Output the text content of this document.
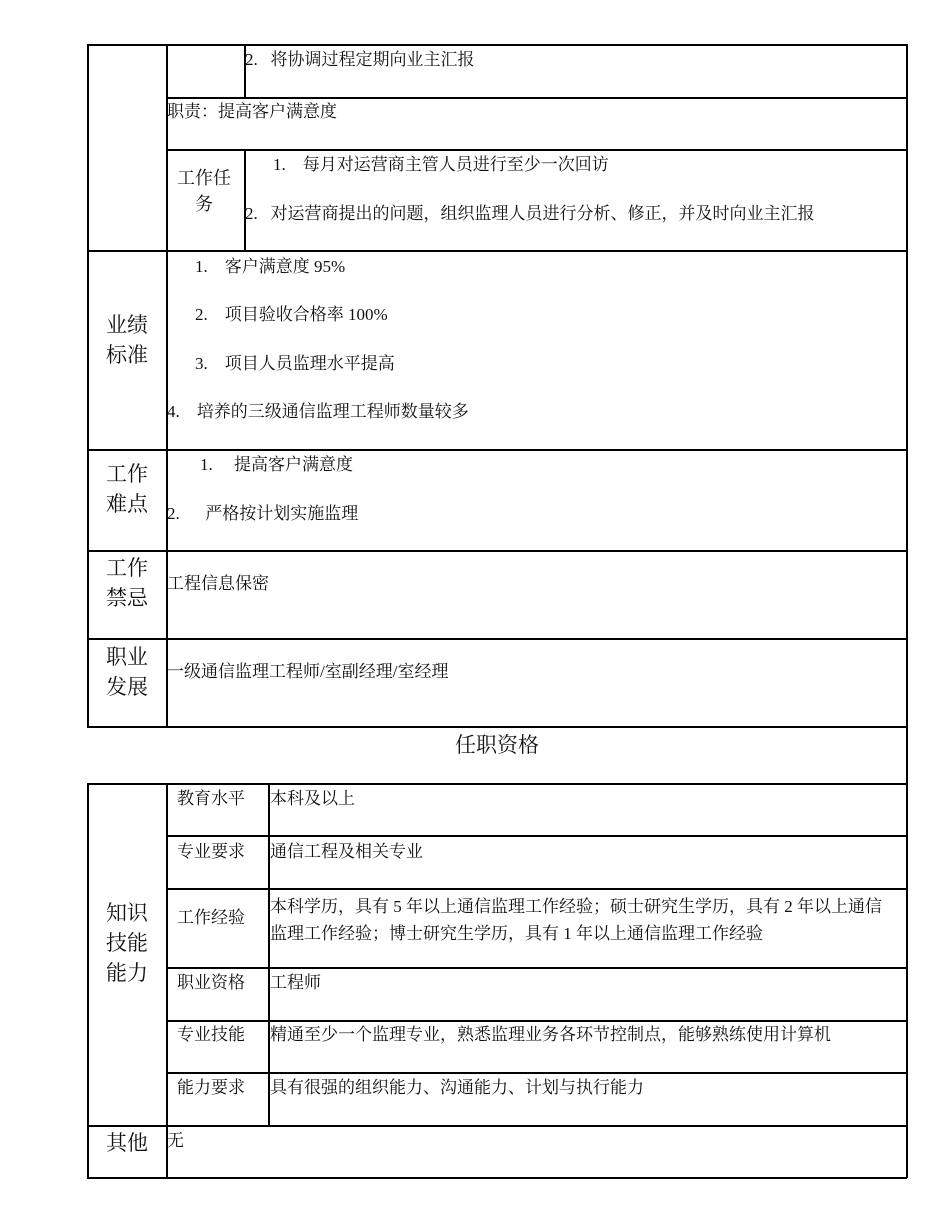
2.   将协调过程定期向业主汇报
职责：提高客户满意度
工作任务
1.    每月对运营商主管人员进行至少一次回访
2.   对运营商提出的问题，组织监理人员进行分析、修正，并及时向业主汇报
业绩标准
1.    客户满意度 95%
2.    项目验收合格率 100%
3.    项目人员监理水平提高
4.    培养的三级通信监理工程师数量较多
工作难点
1.     提高客户满意度
2.      严格按计划实施监理
工作禁忌
工程信息保密
职业发展
一级通信监理工程师/室副经理/室经理
任职资格
知识技能能力
教育水平 本科及以上
专业要求 通信工程及相关专业
工作经验
本科学历，具有 5 年以上通信监理工作经验；硕士研究生学历，具有 2 年以上通信监理工作经验；博士研究生学历，具有 1 年以上通信监理工作经验
职业资格 工程师
专业技能 精通至少一个监理专业，熟悉监理业务各环节控制点，能够熟练使用计算机
能力要求 具有很强的组织能力、沟通能力、计划与执行能力
其他	无
